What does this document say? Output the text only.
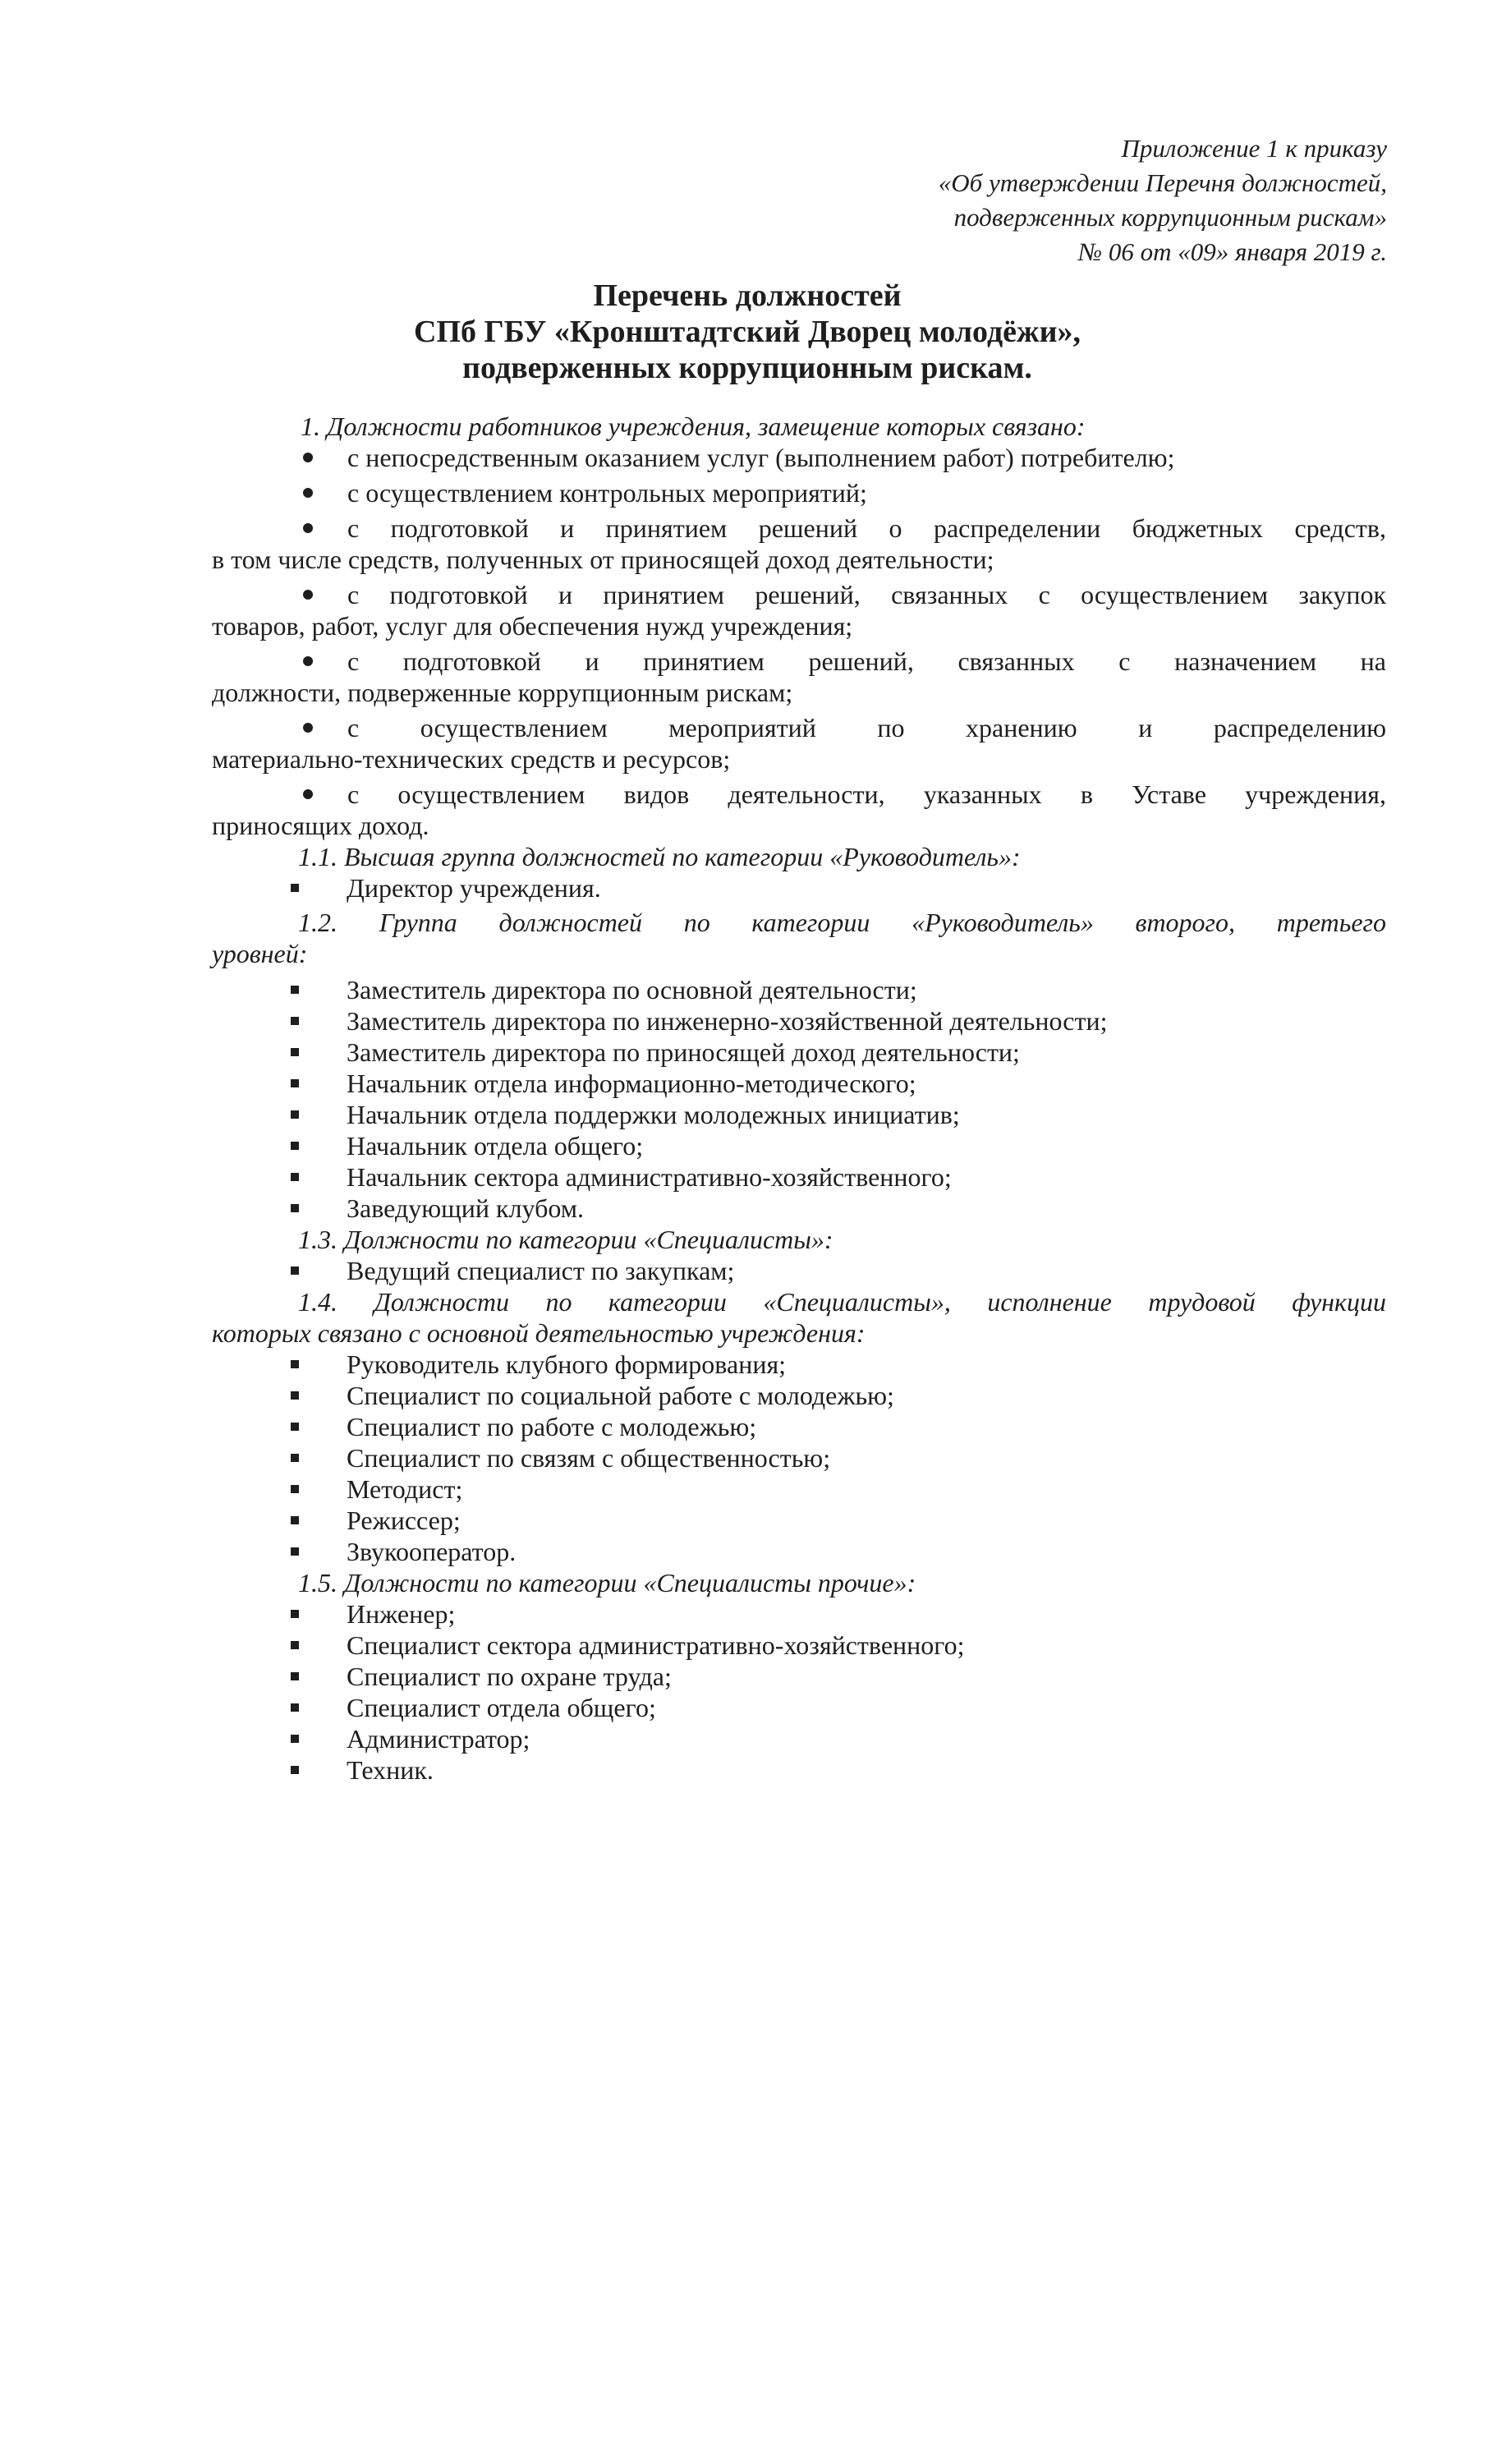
Приложение 1 к приказу
«Об утверждении Перечня должностей,
подверженных коррупционным рискам»
№ 06 от «09» января 2019 г.
Перечень должностей
СПб ГБУ «Кронштадтский Дворец молодёжи»,
подверженных коррупционным рискам.
1. Должности работников учреждения, замещение которых связано:
с непосредственным оказанием услуг (выполнением работ) потребителю;
с осуществлением контрольных мероприятий;
с подготовкой и принятием решений о распределении бюджетных средств,
в том числе средств, полученных от приносящей доход деятельности;
с подготовкой и принятием решений, связанных с осуществлением закупок
товаров, работ, услуг для обеспечения нужд учреждения;
с подготовкой и принятием решений, связанных с назначением на
должности, подверженные коррупционным рискам;
с осуществлением мероприятий по хранению и распределению
материально-технических средств и ресурсов;
с осуществлением видов деятельности, указанных в Уставе учреждения,
приносящих доход.
1.1. Высшая группа должностей по категории «Руководитель»:
Директор учреждения.
1.2. Группа должностей по категории «Руководитель» второго, третьего
уровней:
Заместитель директора по основной деятельности;
Заместитель директора по инженерно-хозяйственной деятельности;
Заместитель директора по приносящей доход деятельности;
Начальник отдела информационно-методического;
Начальник отдела поддержки молодежных инициатив;
Начальник отдела общего;
Начальник сектора административно-хозяйственного;
Заведующий клубом.
1.3. Должности по категории «Специалисты»:
Ведущий специалист по закупкам;
1.4. Должности по категории «Специалисты», исполнение трудовой функции
которых связано с основной деятельностью учреждения:
Руководитель клубного формирования;
Специалист по социальной работе с молодежью;
Специалист по работе с молодежью;
Специалист по связям с общественностью;
Методист;
Режиссер;
Звукооператор.
1.5. Должности по категории «Специалисты прочие»:
Инженер;
Специалист сектора административно-хозяйственного;
Специалист по охране труда;
Специалист отдела общего;
Администратор;
Техник.
